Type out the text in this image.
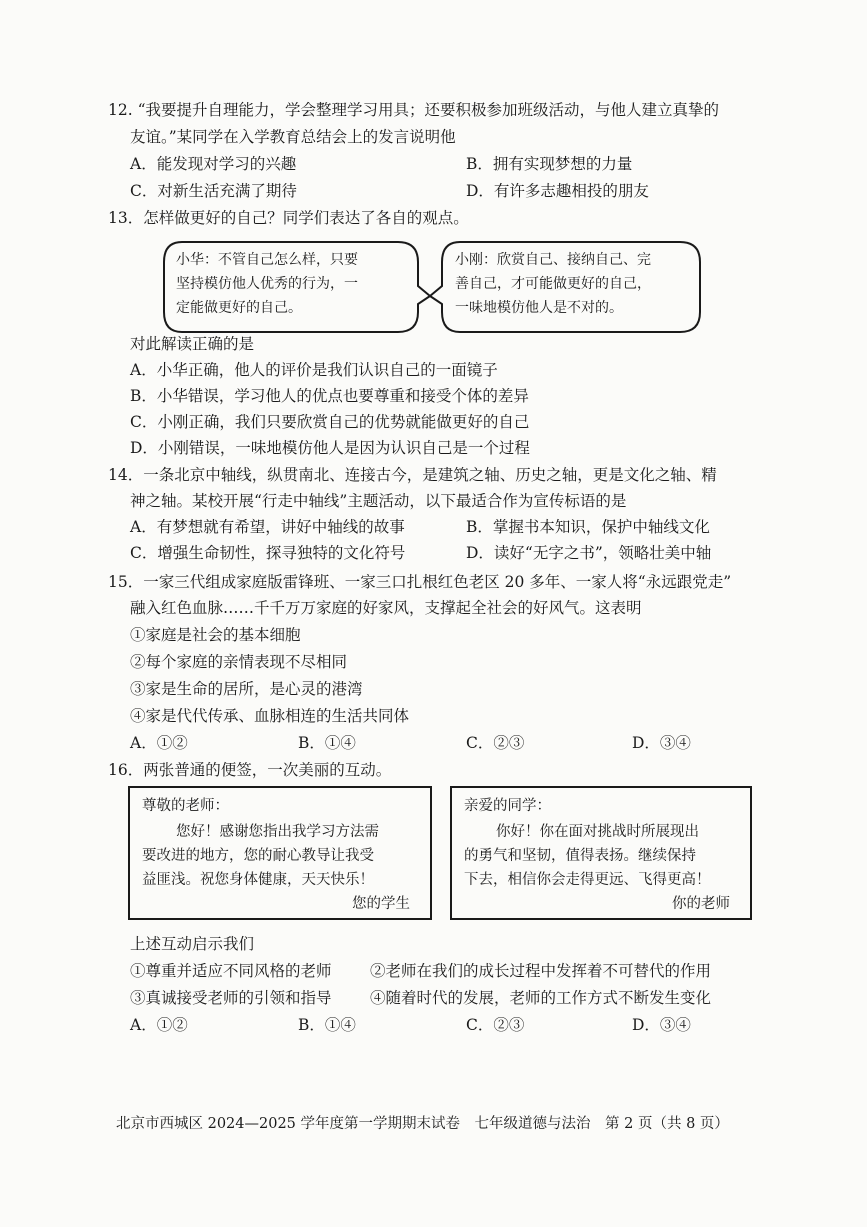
12. “我要提升自理能力，学会整理学习用具；还要积极参加班级活动，与他人建立真挚的
友谊。”某同学在入学教育总结会上的发言说明他
A．能发现对学习的兴趣	B．拥有实现梦想的力量
C．对新生活充满了期待	D．有许多志趣相投的朋友
13．怎样做更好的自己？同学们表达了各自的观点。
小华：不管自己怎么样，只要
坚持模仿他人优秀的行为，一
定能做更好的自己。
小刚：欣赏自己、接纳自己、完
善自己，才可能做更好的自己，
一味地模仿他人是不对的。
对此解读正确的是
A．小华正确，他人的评价是我们认识自己的一面镜子
B．小华错误，学习他人的优点也要尊重和接受个体的差异
C．小刚正确，我们只要欣赏自己的优势就能做更好的自己
D．小刚错误，一味地模仿他人是因为认识自己是一个过程
14．一条北京中轴线，纵贯南北、连接古今，是建筑之轴、历史之轴，更是文化之轴、精
神之轴。某校开展“行走中轴线”主题活动，以下最适合作为宣传标语的是
A．有梦想就有希望，讲好中轴线的故事	B．掌握书本知识，保护中轴线文化
C．增强生命韧性，探寻独特的文化符号	D．读好“无字之书”，领略壮美中轴
15．一家三代组成家庭版雷锋班、一家三口扎根红色老区 20 多年、一家人将“永远跟党走”
融入红色血脉……千千万万家庭的好家风，支撑起全社会的好风气。这表明
①家庭是社会的基本细胞
②每个家庭的亲情表现不尽相同
③家是生命的居所，是心灵的港湾
④家是代代传承、血脉相连的生活共同体
A．①②	B．①④	C．②③	D．③④
16．两张普通的便签，一次美丽的互动。
尊敬的老师：
您好！感谢您指出我学习方法需
要改进的地方，您的耐心教导让我受
益匪浅。祝您身体健康，天天快乐！
您的学生
亲爱的同学：
你好！你在面对挑战时所展现出
的勇气和坚韧，值得表扬。继续保持
下去，相信你会走得更远、飞得更高！
你的老师
上述互动启示我们
①尊重并适应不同风格的老师 ②老师在我们的成长过程中发挥着不可替代的作用
③真诚接受老师的引领和指导 ④随着时代的发展，老师的工作方式不断发生变化
A．①②	B．①④	C．②③	D．③④
北京市西城区 2024—2025 学年度第一学期期末试卷　七年级道德与法治　第 2 页（共 8 页）
